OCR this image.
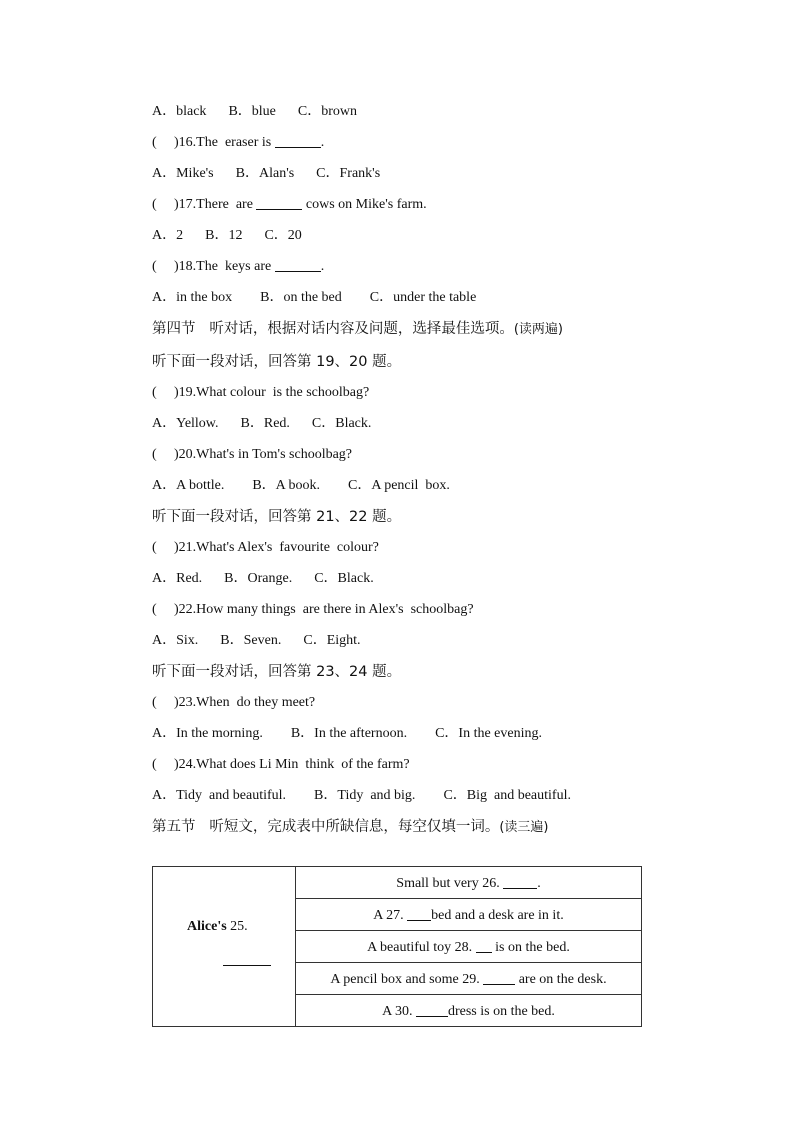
A．black B．blue C．brown
( )16.The  eraser is	.
A．Mike's B．Alan's C．Frank's
( )17.There  are	cows on Mike's farm.
A．2 B．12 C．20
( )18.The  keys are	.
A．in the box B．on the bed C．under the table
第四节   听对话，根据对话内容及问题，选择最佳选项。(读两遍)
听下面一段对话，回答第 19、20 题。
( )19.What colour  is the schoolbag?
A．Yellow. B．Red. C．Black.
( )20.What's in Tom's schoolbag?
A．A bottle. B．A book. C．A pencil  box.
听下面一段对话，回答第 21、22 题。
( )21.What's Alex's  favourite  colour?
A．Red. B．Orange. C．Black.
( )22.How many things  are there in Alex's  schoolbag?
A．Six. B．Seven. C．Eight.
听下面一段对话，回答第 23、24 题。
( )23.When  do they meet?
A．In the morning. B．In the afternoon. C．In the evening.
( )24.What does Li Min  think  of the farm?
A．Tidy  and beautiful. B．Tidy  and big. C．Big  and beautiful.
第五节   听短文，完成表中所缺信息，每空仅填一词。(读三遍)
Alice's 25.
	Small but very 26. .
A 27. bed and a desk are in it.
A beautiful toy 28.  is on the bed.
A pencil box and some 29.  are on the desk.
A 30. dress is on the bed.
